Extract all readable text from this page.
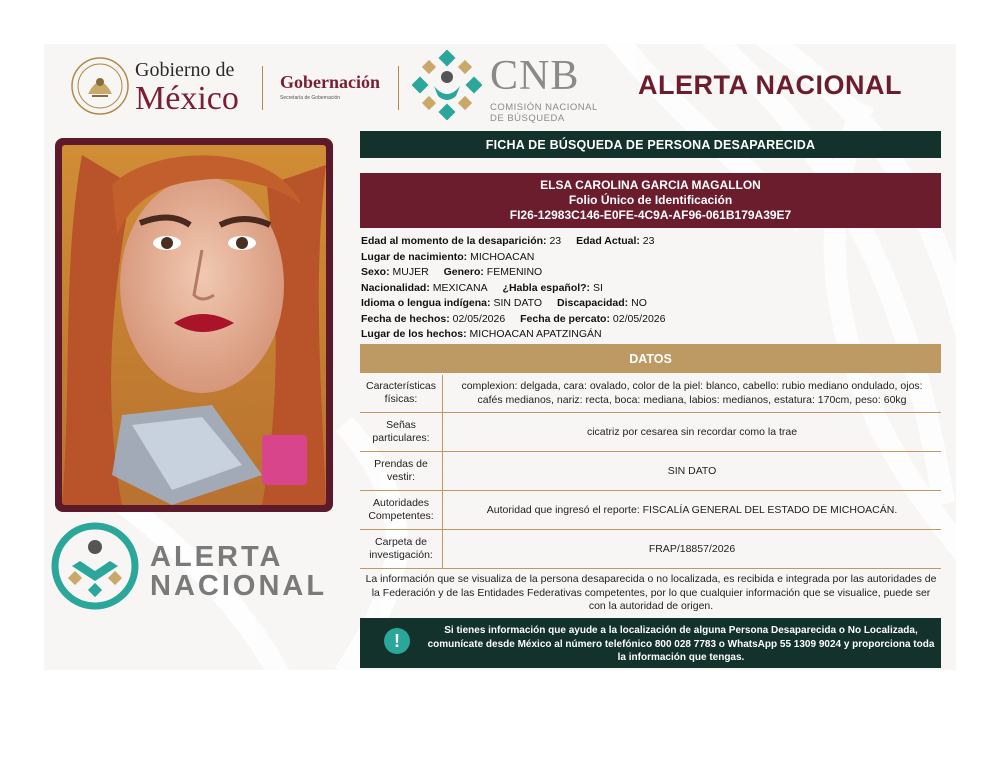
Gobierno de
México Gobernación
Secretaría de Gobernación	CNB
COMISIÓN NACIONAL
DE BÚSQUEDA
ALERTA NACIONAL
ALERTA
NACIONAL
FICHA DE BÚSQUEDA DE PERSONA DESAPARECIDA
ELSA CAROLINA GARCIA MAGALLON
Folio Único de Identificación
FI26-12983C146-E0FE-4C9A-AF96-061B179A39E7
Edad al momento de la desaparición: 23 Edad Actual: 23
Lugar de nacimiento: MICHOACAN
Sexo: MUJER Genero: FEMENINO
Nacionalidad: MEXICANA ¿Habla español?: SI
Idioma o lengua indígena: SIN DATO Discapacidad: NO
Fecha de hechos: 02/05/2026 Fecha de percato: 02/05/2026
Lugar de los hechos: MICHOACAN APATZINGÁN
DATOS
Características físicas:	complexion: delgada, cara: ovalado, color de la piel: blanco, cabello: rubio mediano ondulado, ojos: cafés medianos, nariz: recta, boca: mediana, labios: medianos, estatura: 170cm, peso: 60kg
Señas particulares:	cicatriz por cesarea sin recordar como la trae
Prendas de vestir:	SIN DATO
Autoridades Competentes:	Autoridad que ingresó el reporte: FISCALÍA GENERAL DEL ESTADO DE MICHOACÁN.
Carpeta de investigación:	FRAP/18857/2026
La información que se visualiza de la persona desaparecida o no localizada, es recibida e integrada por las autoridades de la Federación y de las Entidades Federativas competentes, por lo que cualquier información que se visualice, puede ser con la autoridad de origen.
!	Si tienes información que ayude a la localización de alguna Persona Desaparecida o No Localizada, comunícate desde México al número telefónico 800 028 7783 o WhatsApp 55 1309 9024 y proporciona toda la información que tengas.
